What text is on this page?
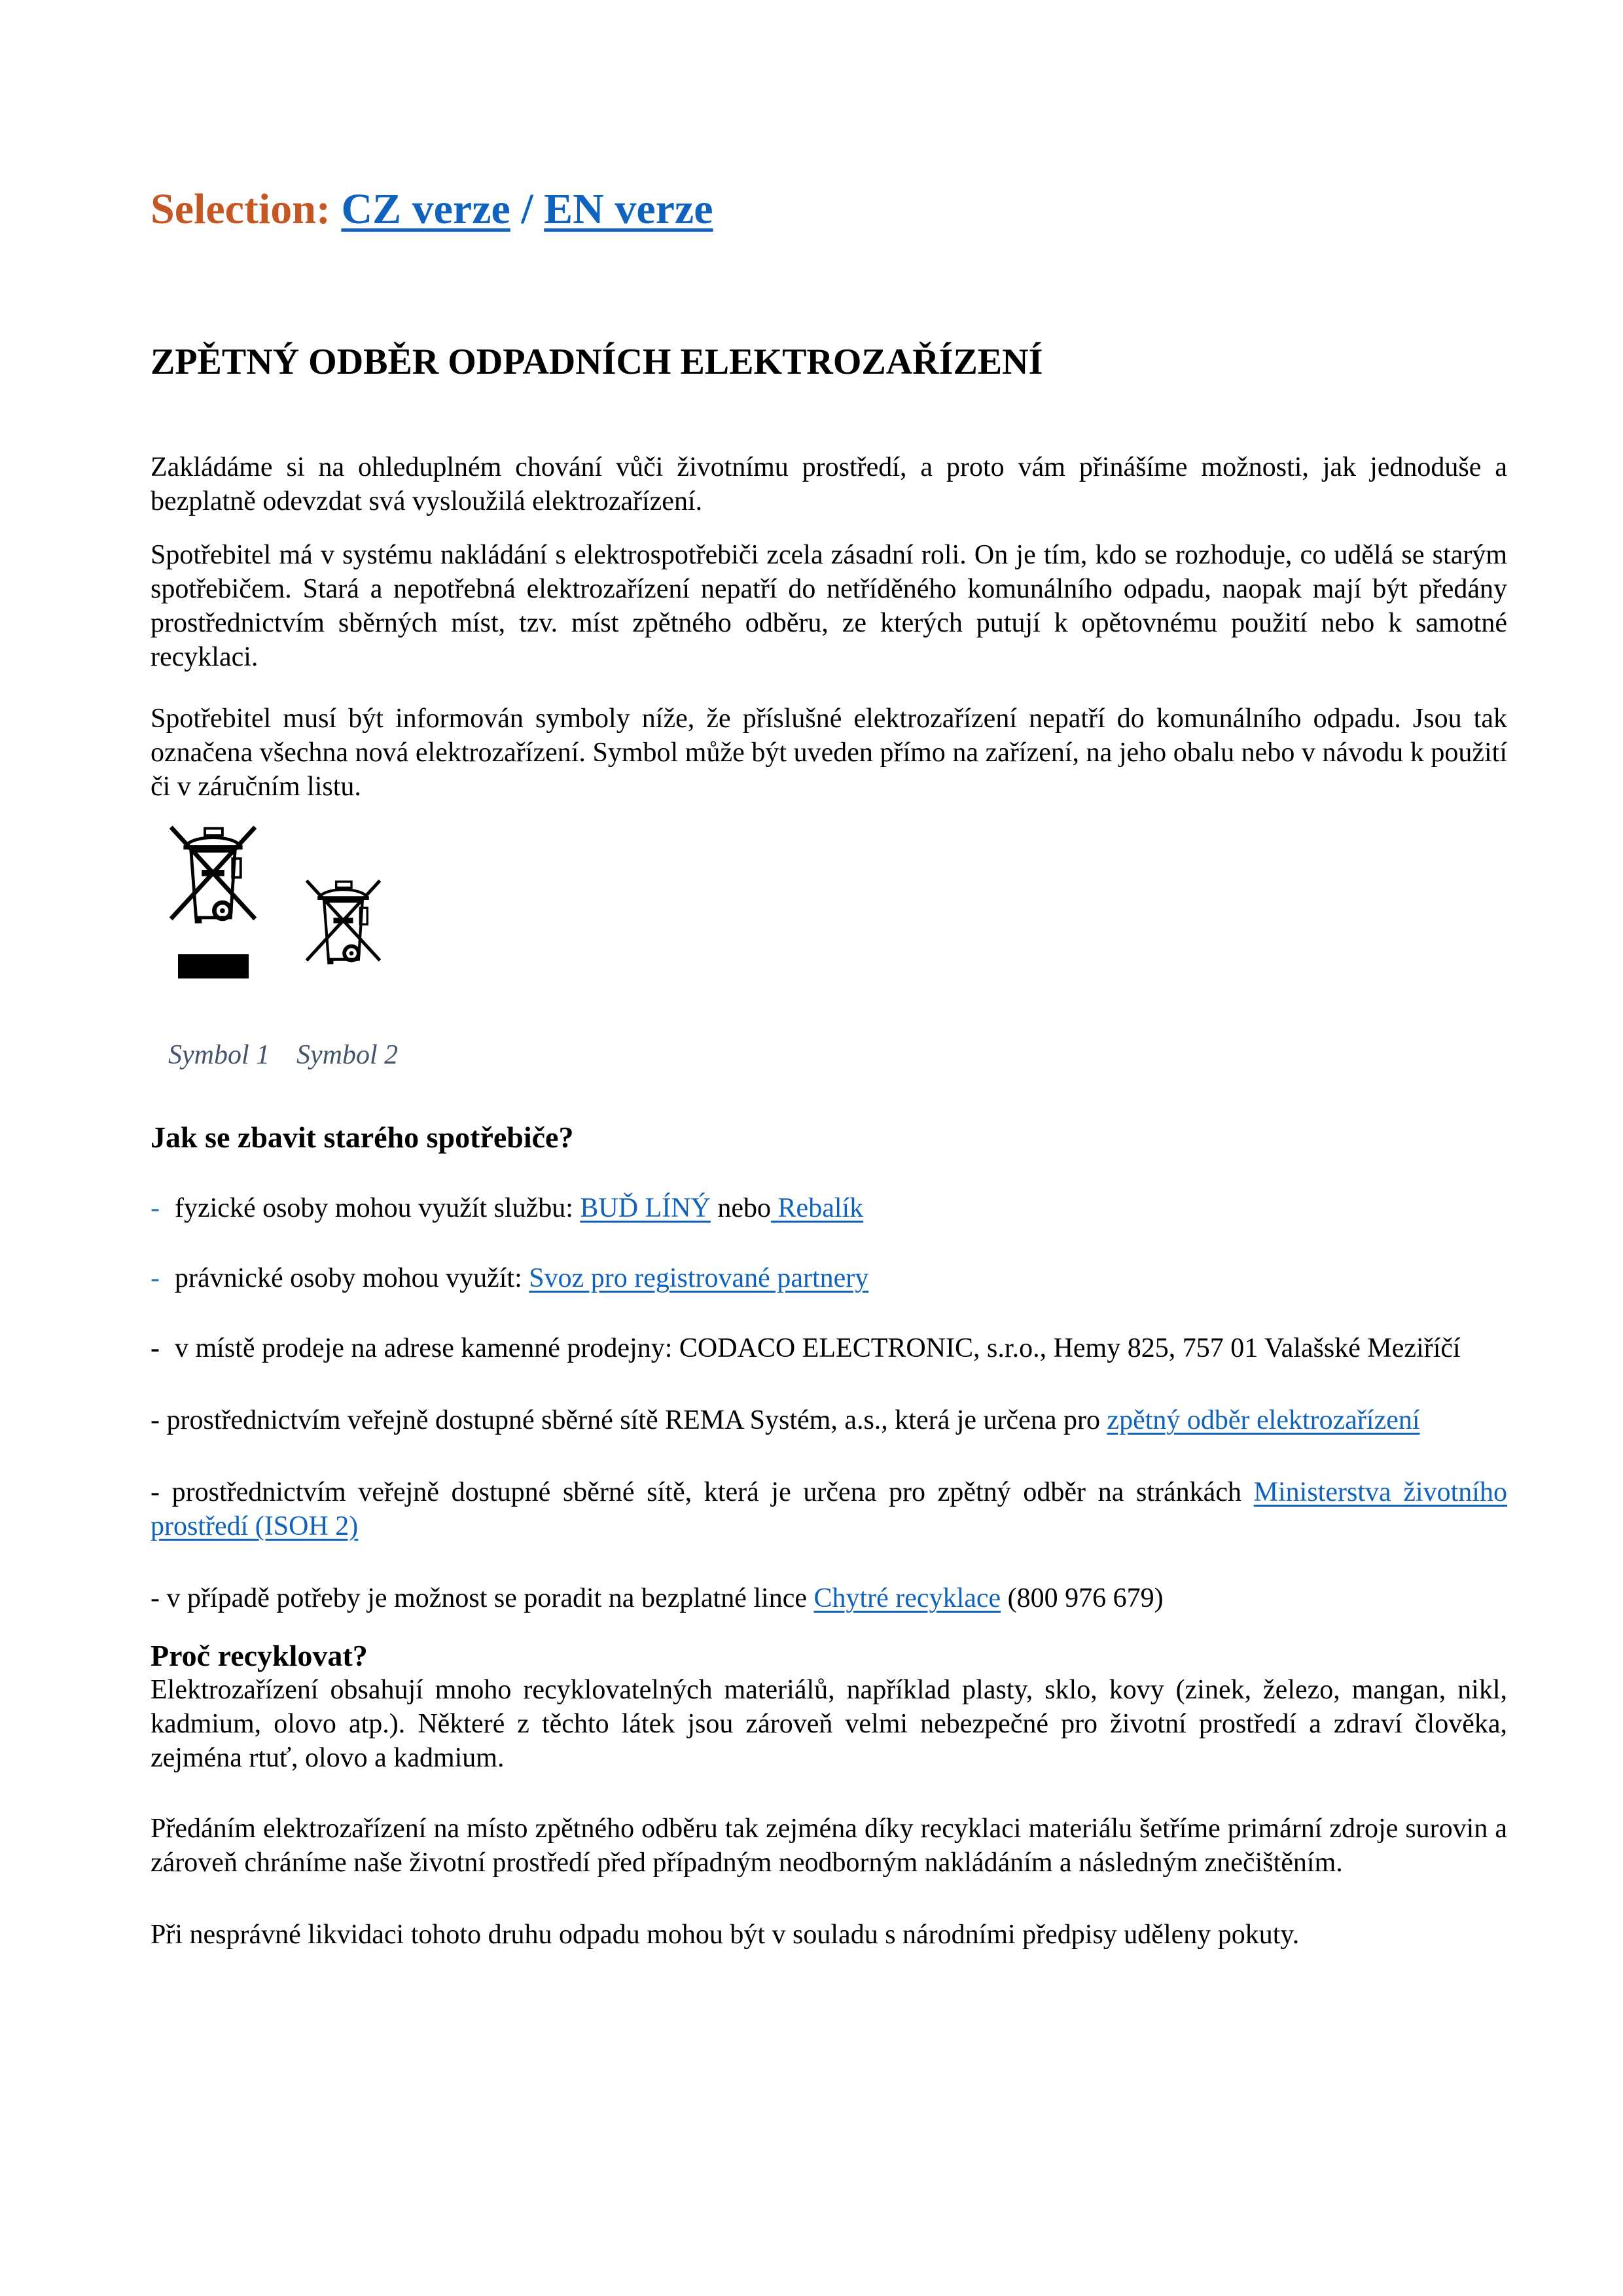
Selection: CZ verze / EN verze
ZPĚTNÝ ODBĚR ODPADNÍCH ELEKTROZAŘÍZENÍ

Zakládáme si na ohleduplném chování vůči životnímu prostředí, a proto vám přinášíme možnosti, jak jednoduše a bezplatně odevzdat svá vysloužilá elektrozařízení.

Spotřebitel má v systému nakládání s elektrospotřebiči zcela zásadní roli. On je tím, kdo se rozhoduje, co udělá se starým spotřebičem. Stará a nepotřebná elektrozařízení nepatří do netříděného komunálního odpadu, naopak mají být předány prostřednictvím sběrných míst, tzv. míst zpětného odběru, ze kterých putují k opětovnému použití nebo k samotné recyklaci.

Spotřebitel musí být informován symboly níže, že příslušné elektrozařízení nepatří do komunálního odpadu. Jsou tak označena všechna nová elektrozařízení. Symbol může být uveden přímo na zařízení, na jeho obalu nebo v návodu k použití či v záručním listu.

Symbol 1 Symbol 2
Jak se zbavit starého spotřebiče?

- fyzické osoby mohou využít službu: BUĎ LÍNÝ nebo Rebalík

- právnické osoby mohou využít: Svoz pro registrované partnery

- v místě prodeje na adrese kamenné prodejny: CODACO ELECTRONIC, s.r.o., Hemy 825, 757 01 Valašské Meziříčí

- prostřednictvím veřejně dostupné sběrné sítě REMA Systém, a.s., která je určena pro zpětný odběr elektrozařízení

- prostřednictvím veřejně dostupné sběrné sítě, která je určena pro zpětný odběr na stránkách Ministerstva životního prostředí (ISOH 2)

- v případě potřeby je možnost se poradit na bezplatné lince Chytré recyklace (800 976 679)

Proč recyklovat?

Elektrozařízení obsahují mnoho recyklovatelných materiálů, například plasty, sklo, kovy (zinek, železo, mangan, nikl, kadmium, olovo atp.). Některé z těchto látek jsou zároveň velmi nebezpečné pro životní prostředí a zdraví člověka, zejména rtuť, olovo a kadmium.

Předáním elektrozařízení na místo zpětného odběru tak zejména díky recyklaci materiálu šetříme primární zdroje surovin a zároveň chráníme naše životní prostředí před případným neodborným nakládáním a následným znečištěním.

Při nesprávné likvidaci tohoto druhu odpadu mohou být v souladu s národními předpisy uděleny pokuty.
